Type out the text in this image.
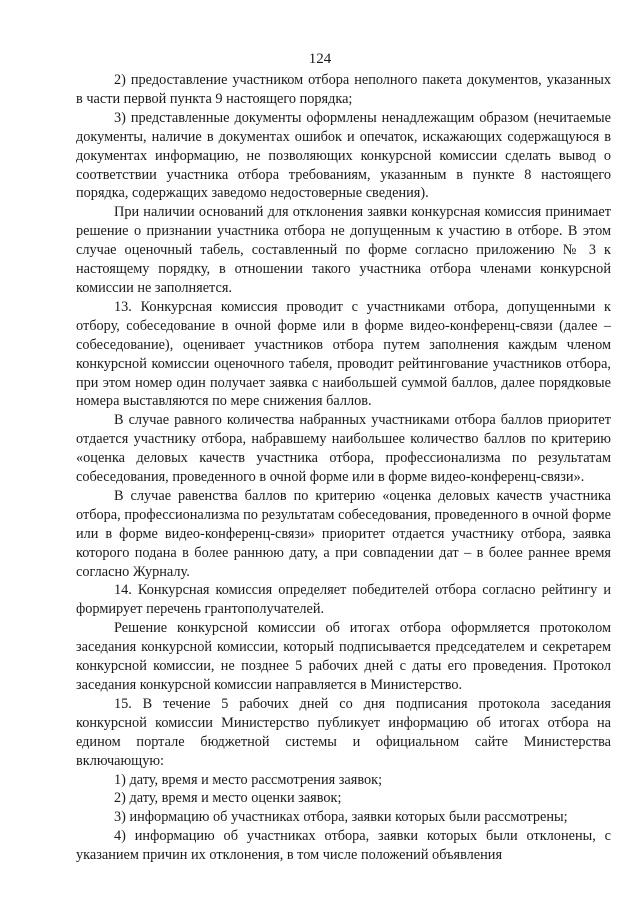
124

2) предоставление участником отбора неполного пакета документов, указанных в части первой пункта 9 настоящего порядка;

3) представленные документы оформлены ненадлежащим образом (нечитаемые документы, наличие в документах ошибок и опечаток, искажающих содержащуюся в документах информацию, не позволяющих конкурсной комиссии сделать вывод о соответствии участника отбора требованиям, указанным в пункте 8 настоящего порядка, содержащих заведомо недостоверные сведения).

При наличии оснований для отклонения заявки конкурсная комиссия принимает решение о признании участника отбора не допущенным к участию в отборе. В этом случае оценочный табель, составленный по форме согласно приложению № 3 к настоящему порядку, в отношении такого участника отбора членами конкурсной комиссии не заполняется.

13. Конкурсная комиссия проводит с участниками отбора, допущенными к отбору, собеседование в очной форме или в форме видео-конференц-связи (далее – собеседование), оценивает участников отбора путем заполнения каждым членом конкурсной комиссии оценочного табеля, проводит рейтингование участников отбора, при этом номер один получает заявка с наибольшей суммой баллов, далее порядковые номера выставляются по мере снижения баллов.

В случае равного количества набранных участниками отбора баллов приоритет отдается участнику отбора, набравшему наибольшее количество баллов по критерию «оценка деловых качеств участника отбора, профессионализма по результатам собеседования, проведенного в очной форме или в форме видео-конференц-связи».

В случае равенства баллов по критерию «оценка деловых качеств участника отбора, профессионализма по результатам собеседования, проведенного в очной форме или в форме видео-конференц-связи» приоритет отдается участнику отбора, заявка которого подана в более раннюю дату, а при совпадении дат – в более раннее время согласно Журналу.

14. Конкурсная комиссия определяет победителей отбора согласно рейтингу и формирует перечень грантополучателей.

Решение конкурсной комиссии об итогах отбора оформляется протоколом заседания конкурсной комиссии, который подписывается председателем и секретарем конкурсной комиссии, не позднее 5 рабочих дней с даты его проведения. Протокол заседания конкурсной комиссии направляется в Министерство.

15. В течение 5 рабочих дней со дня подписания протокола заседания конкурсной комиссии Министерство публикует информацию об итогах отбора на едином портале бюджетной системы и официальном сайте Министерства включающую:

1) дату, время и место рассмотрения заявок;

2) дату, время и место оценки заявок;

3) информацию об участниках отбора, заявки которых были рассмотрены;

4) информацию об участниках отбора, заявки которых были отклонены, с указанием причин их отклонения, в том числе положений объявления
